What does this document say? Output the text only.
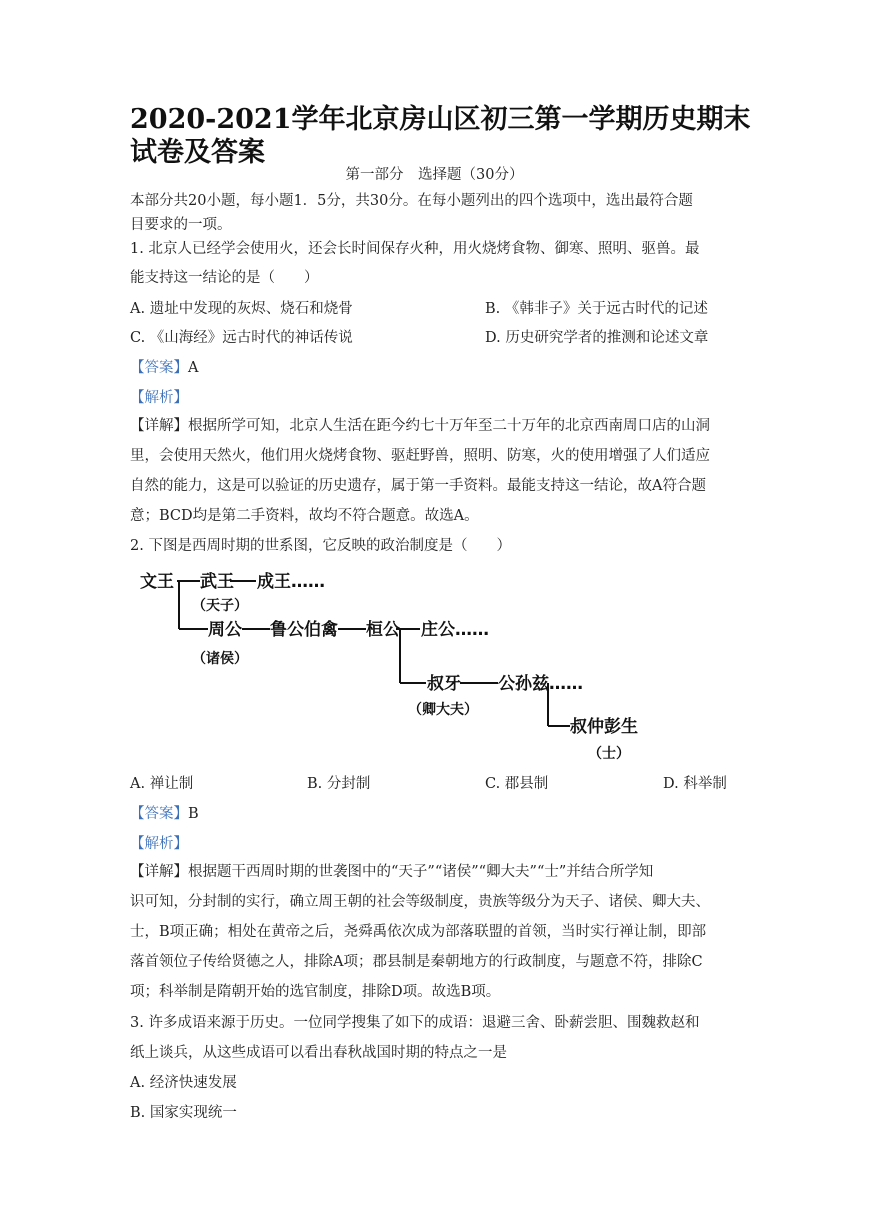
2020-2021学年北京房山区初三第一学期历史期末试卷及答案
第一部分　选择题（30分）
本部分共20小题，每小题1．5分，共30分。在每小题列出的四个选项中，选出最符合题
目要求的一项。
1. 北京人已经学会使用火，还会长时间保存火种，用火烧烤食物、御寒、照明、驱兽。最
能支持这一结论的是（　　）
A. 遗址中发现的灰烬、烧石和烧骨	B. 《韩非子》关于远古时代的记述
C. 《山海经》远古时代的神话传说	D. 历史研究学者的推测和论述文章
【答案】A
【解析】
【详解】根据所学可知，北京人生活在距今约七十万年至二十万年的北京西南周口店的山洞
里，会使用天然火，他们用火烧烤食物、驱赶野兽，照明、防寒，火的使用增强了人们适应
自然的能力，这是可以验证的历史遗存，属于第一手资料。最能支持这一结论，故A符合题
意；BCD均是第二手资料，故均不符合题意。故选A。
2. 下图是西周时期的世系图，它反映的政治制度是（　　）
文王 武王 成王……
（天子）
周公 鲁公伯禽 桓公 庄公……
（诸侯）
叔牙 公孙兹……
（卿大夫）
叔仲彭生
（士）
A. 禅让制	B. 分封制	C. 郡县制	D. 科举制
【答案】B
【解析】
【详解】根据题干西周时期的世袭图中的“天子”“诸侯”“卿大夫”“士”并结合所学知
识可知，分封制的实行，确立周王朝的社会等级制度，贵族等级分为天子、诸侯、卿大夫、
士，B项正确；相处在黄帝之后，尧舜禹依次成为部落联盟的首领，当时实行禅让制，即部
落首领位子传给贤德之人，排除A项；郡县制是秦朝地方的行政制度，与题意不符，排除C
项；科举制是隋朝开始的选官制度，排除D项。故选B项。
3. 许多成语来源于历史。一位同学搜集了如下的成语：退避三舍、卧薪尝胆、围魏救赵和
纸上谈兵，从这些成语可以看出春秋战国时期的特点之一是
A. 经济快速发展
B. 国家实现统一
